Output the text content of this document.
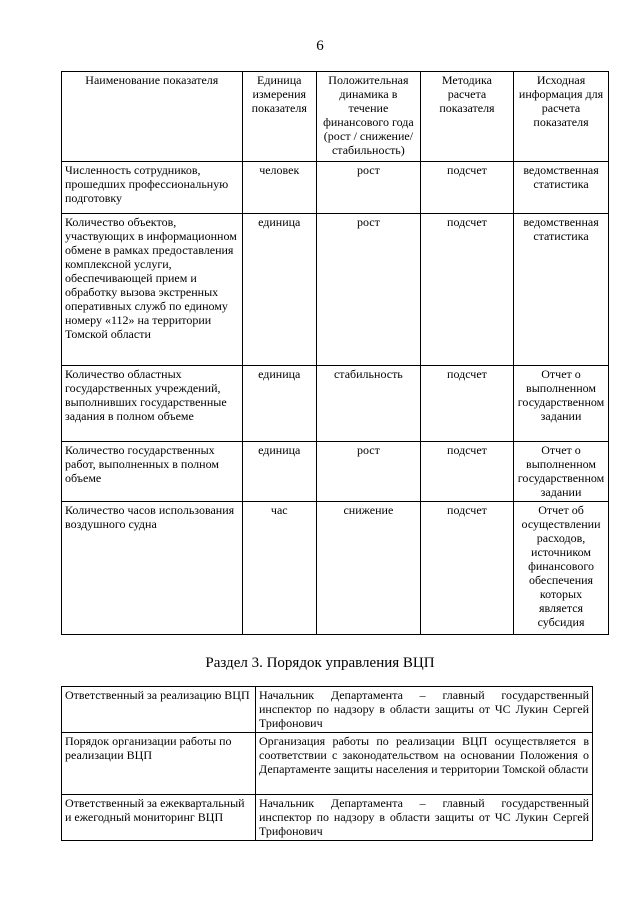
6
Наименование показателя	Единица измерения показателя	Положительная динамика в течение финансового года (рост / снижение/ стабильность)	Методика расчета показателя	Исходная информация для расчета показателя
Численность сотрудников, прошедших профессиональную подготовку	человек	рост	подсчет	ведомственная статистика
Количество объектов, участвующих в информационном обмене в рамках предоставления комплексной услуги, обеспечивающей прием и обработку вызова экстренных оперативных служб по единому номеру «112» на территории Томской области	единица	рост	подсчет	ведомственная статистика
Количество областных государственных учреждений, выполнивших государственные задания в полном объеме	единица	стабильность	подсчет	Отчет о выполненном государственном задании
Количество государственных работ, выполненных в полном объеме	единица	рост	подсчет	Отчет о выполненном государственном задании
Количество часов использования воздушного судна	час	снижение	подсчет	Отчет об осуществлении расходов, источником финансового обеспечения которых является субсидия
Раздел 3. Порядок управления ВЦП
Ответственный за реализацию ВЦП	Начальник Департамента – главный государственный инспектор по надзору в области защиты от ЧС Лукин Сергей Трифонович
Порядок организации работы по реализации ВЦП	Организация работы по реализации ВЦП осуществляется в соответствии с законодательством на основании Положения о Департаменте защиты населения и территории Томской области
Ответственный за ежеквартальный и ежегодный мониторинг ВЦП	Начальник Департамента – главный государственный инспектор по надзору в области защиты от ЧС Лукин Сергей Трифонович
